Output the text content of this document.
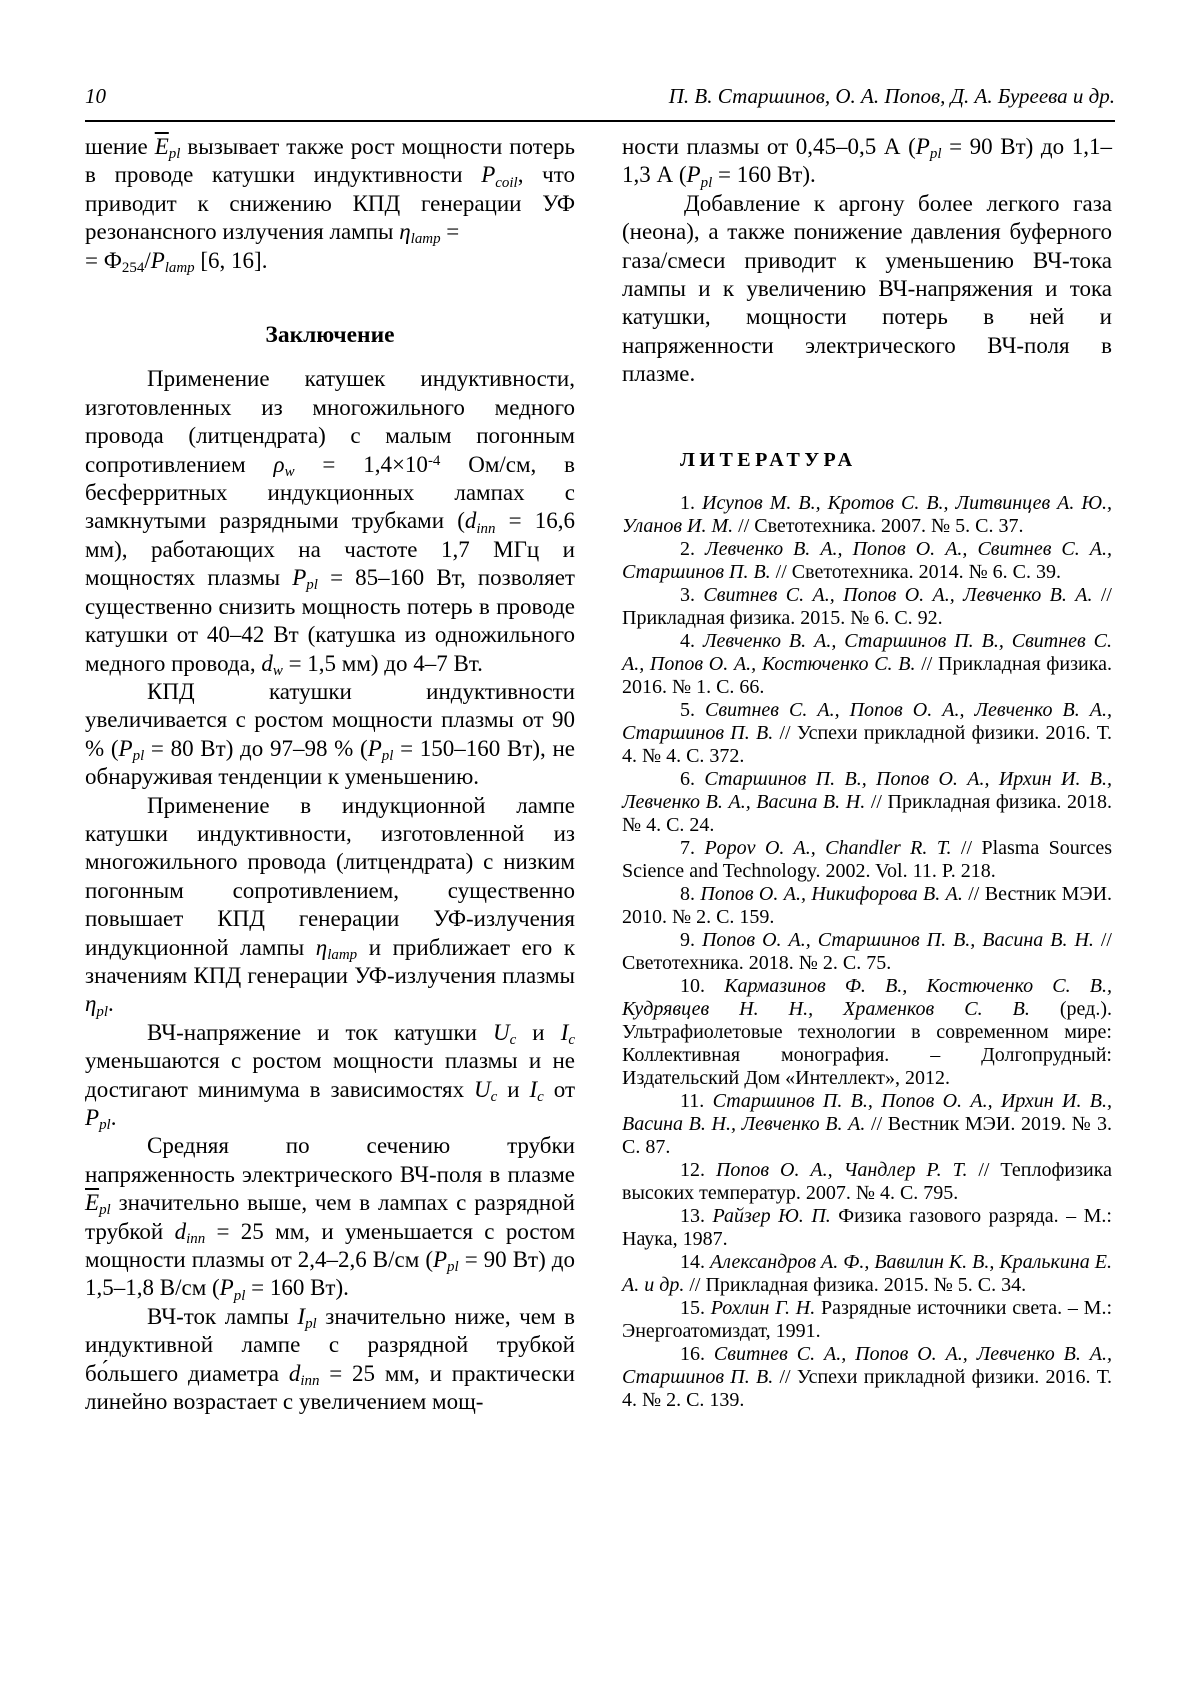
10	П. В. Старшинов, О. А. Попов, Д. А. Буреева и др.

шение $\overline{E}_{pl}$ вызывает также рост мощности потерь в проводе катушки индуктивности $P_{coil}$, что приводит к снижению КПД генерации УФ резонансного излучения лампы $\eta_{lamp}$ =
= $Ф_{254}/P_{lamp}$ [6, 16].

Заключение

Применение катушек индуктивности, изготовленных из многожильного медного провода (литцендрата) с малым погонным сопротивлением $\rho_w = 1,4\times 10^{-4}$ Ом/см, в бесферритных индукционных лампах с замкнутыми разрядными трубками ($d_{inn} = 16,6$ мм), работающих на частоте 1,7 МГц и мощностях плазмы $P_{pl} = 85-160$ Вт, позволяет существенно снизить мощность потерь в проводе катушки от 40–42 Вт (катушка из одножильного медного провода, $d_w = 1,5$ мм) до 4–7 Вт.

КПД катушки индуктивности увеличивается с ростом мощности плазмы от 90 % ($P_{pl} = 80$ Вт) до 97–98 % ($P_{pl} = 150-160$ Вт), не обнаруживая тенденции к уменьшению.

Применение в индукционной лампе катушки индуктивности, изготовленной из многожильного провода (литцендрата) с низким погонным сопротивлением, существенно повышает КПД генерации УФ-излучения индукционной лампы $\eta_{lamp}$ и приближает его к значениям КПД генерации УФ-излучения плазмы $\eta_{pl}$.

ВЧ-напряжение и ток катушки $U_c$ и $I_c$ уменьшаются с ростом мощности плазмы и не достигают минимума в зависимостях $U_c$ и $I_c$ от $P_{pl}$.

Средняя по сечению трубки напряженность электрического ВЧ-поля в плазме $\overline{E}_{pl}$ значительно выше, чем в лампах с разрядной трубкой $d_{inn} = 25$ мм, и уменьшается с ростом мощности плазмы от 2,4–2,6 В/см ($P_{pl} = 90$ Вт) до 1,5–1,8 В/см ($P_{pl} = 160$ Вт).

ВЧ-ток лампы $I_{pl}$ значительно ниже, чем в индуктивной лампе с разрядной трубкой бо́льшего диаметра $d_{inn} = 25$ мм, и практически линейно возрастает с увеличением мощ-

ности плазмы от 0,45–0,5 А ($P_{pl} = 90$ Вт) до 1,1–1,3 А ($P_{pl} = 160$ Вт).

Добавление к аргону более легкого газа (неона), а также понижение давления буферного газа/смеси приводит к уменьшению ВЧ-тока лампы и к увеличению ВЧ-напряжения и тока катушки, мощности потерь в ней и напряженности электрического ВЧ-поля в плазме.

ЛИТЕРАТУРА

1. Исупов М. В., Кротов С. В., Литвинцев А. Ю., Уланов И. М. // Светотехника. 2007. № 5. С. 37.

2. Левченко В. А., Попов О. А., Свитнев С. А., Старшинов П. В. // Светотехника. 2014. № 6. С. 39.

3. Свитнев С. А., Попов О. А., Левченко В. А. // Прикладная физика. 2015. № 6. С. 92.

4. Левченко В. А., Старшинов П. В., Свитнев С. А., Попов О. А., Костюченко С. В. // Прикладная физика. 2016. № 1. С. 66.

5. Свитнев С. А., Попов О. А., Левченко В. А., Старшинов П. В. // Успехи прикладной физики. 2016. Т. 4. № 4. С. 372.

6. Старшинов П. В., Попов О. А., Ирхин И. В., Левченко В. А., Васина В. Н. // Прикладная физика. 2018. № 4. С. 24.

7. Popov O. A., Chandler R. T. // Plasma Sources Science and Technology. 2002. Vol. 11. P. 218.

8. Попов О. А., Никифорова В. А. // Вестник МЭИ. 2010. № 2. С. 159.

9. Попов О. А., Старшинов П. В., Васина В. Н. // Светотехника. 2018. № 2. С. 75.

10. Кармазинов Ф. В., Костюченко С. В., Кудрявцев Н. Н., Храменков С. В. (ред.). Ультрафиолетовые технологии в современном мире: Коллективная монография. – Долгопрудный: Издательский Дом «Интеллект», 2012.

11. Старшинов П. В., Попов О. А., Ирхин И. В., Васина В. Н., Левченко В. А. // Вестник МЭИ. 2019. № 3. С. 87.

12. Попов О. А., Чандлер Р. Т. // Теплофизика высоких температур. 2007. № 4. С. 795.

13. Райзер Ю. П. Физика газового разряда. – М.: Наука, 1987.

14. Александров А. Ф., Вавилин К. В., Кралькина Е. А. и др. // Прикладная физика. 2015. № 5. С. 34.

15. Рохлин Г. Н. Разрядные источники света. – М.: Энергоатомиздат, 1991.

16. Свитнев С. А., Попов О. А., Левченко В. А., Старшинов П. В. // Успехи прикладной физики. 2016. Т. 4. № 2. С. 139.
